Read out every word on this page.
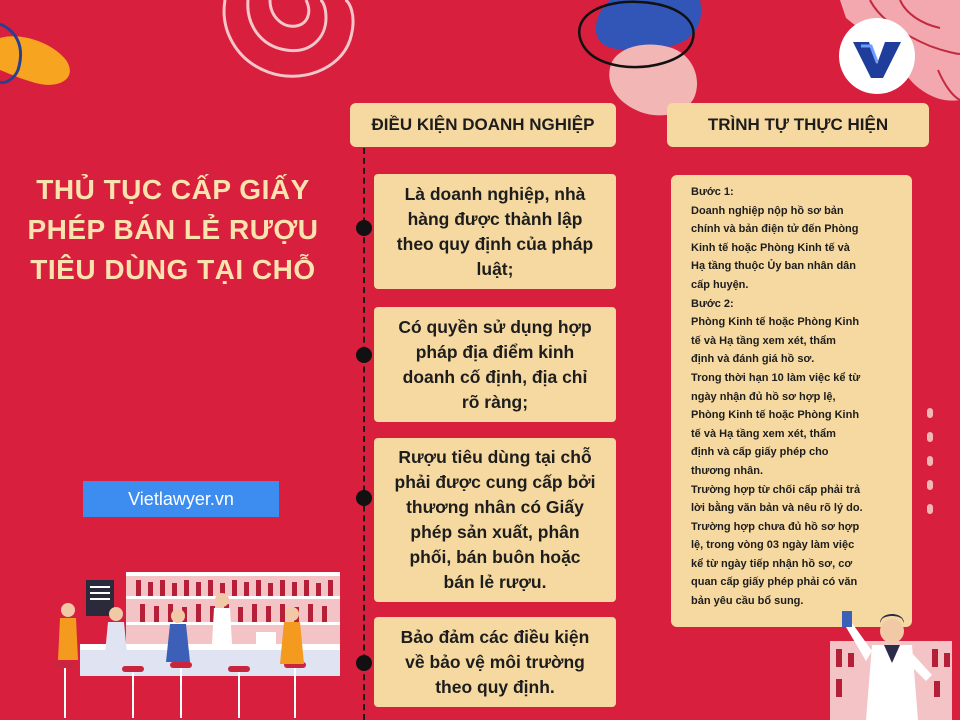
THỦ TỤC CẤP GIẤY
PHÉP BÁN LẺ RƯỢU
TIÊU DÙNG TẠI CHỖ
Vietlawyer.vn
ĐIỀU KIỆN DOANH NGHIỆP	TRÌNH TỰ THỰC HIỆN
Là doanh nghiệp, nhà
hàng được thành lập
theo quy định của pháp
luật;
Có quyền sử dụng hợp
pháp địa điểm kinh
doanh cố định, địa chỉ
rõ ràng;
Rượu tiêu dùng tại chỗ
phải được cung cấp bởi
thương nhân có Giấy
phép sản xuất, phân
phối, bán buôn hoặc
bán lẻ rượu.
Bảo đảm các điều kiện
về bảo vệ môi trường
theo quy định.

Bước 1:

Doanh nghiệp nộp hồ sơ bản

chính và bản điện tử đến Phòng

Kinh tế hoặc Phòng Kinh tế và

Hạ tầng thuộc Ủy ban nhân dân

cấp huyện.

Bước 2:

Phòng Kinh tế hoặc Phòng Kinh

tế và Hạ tầng xem xét, thẩm

định và đánh giá hồ sơ.

Trong thời hạn 10 làm việc kể từ

ngày nhận đủ hồ sơ hợp lệ,

Phòng Kinh tế hoặc Phòng Kinh

tế và Hạ tầng xem xét, thẩm

định và cấp giấy phép cho

thương nhân.

Trường hợp từ chối cấp phải trả

lời bằng văn bản và nêu rõ lý do.

Trường hợp chưa đủ hồ sơ hợp

lệ, trong vòng 03 ngày làm việc

kể từ ngày tiếp nhận hồ sơ, cơ

quan cấp giấy phép phải có văn

bản yêu cầu bổ sung.
